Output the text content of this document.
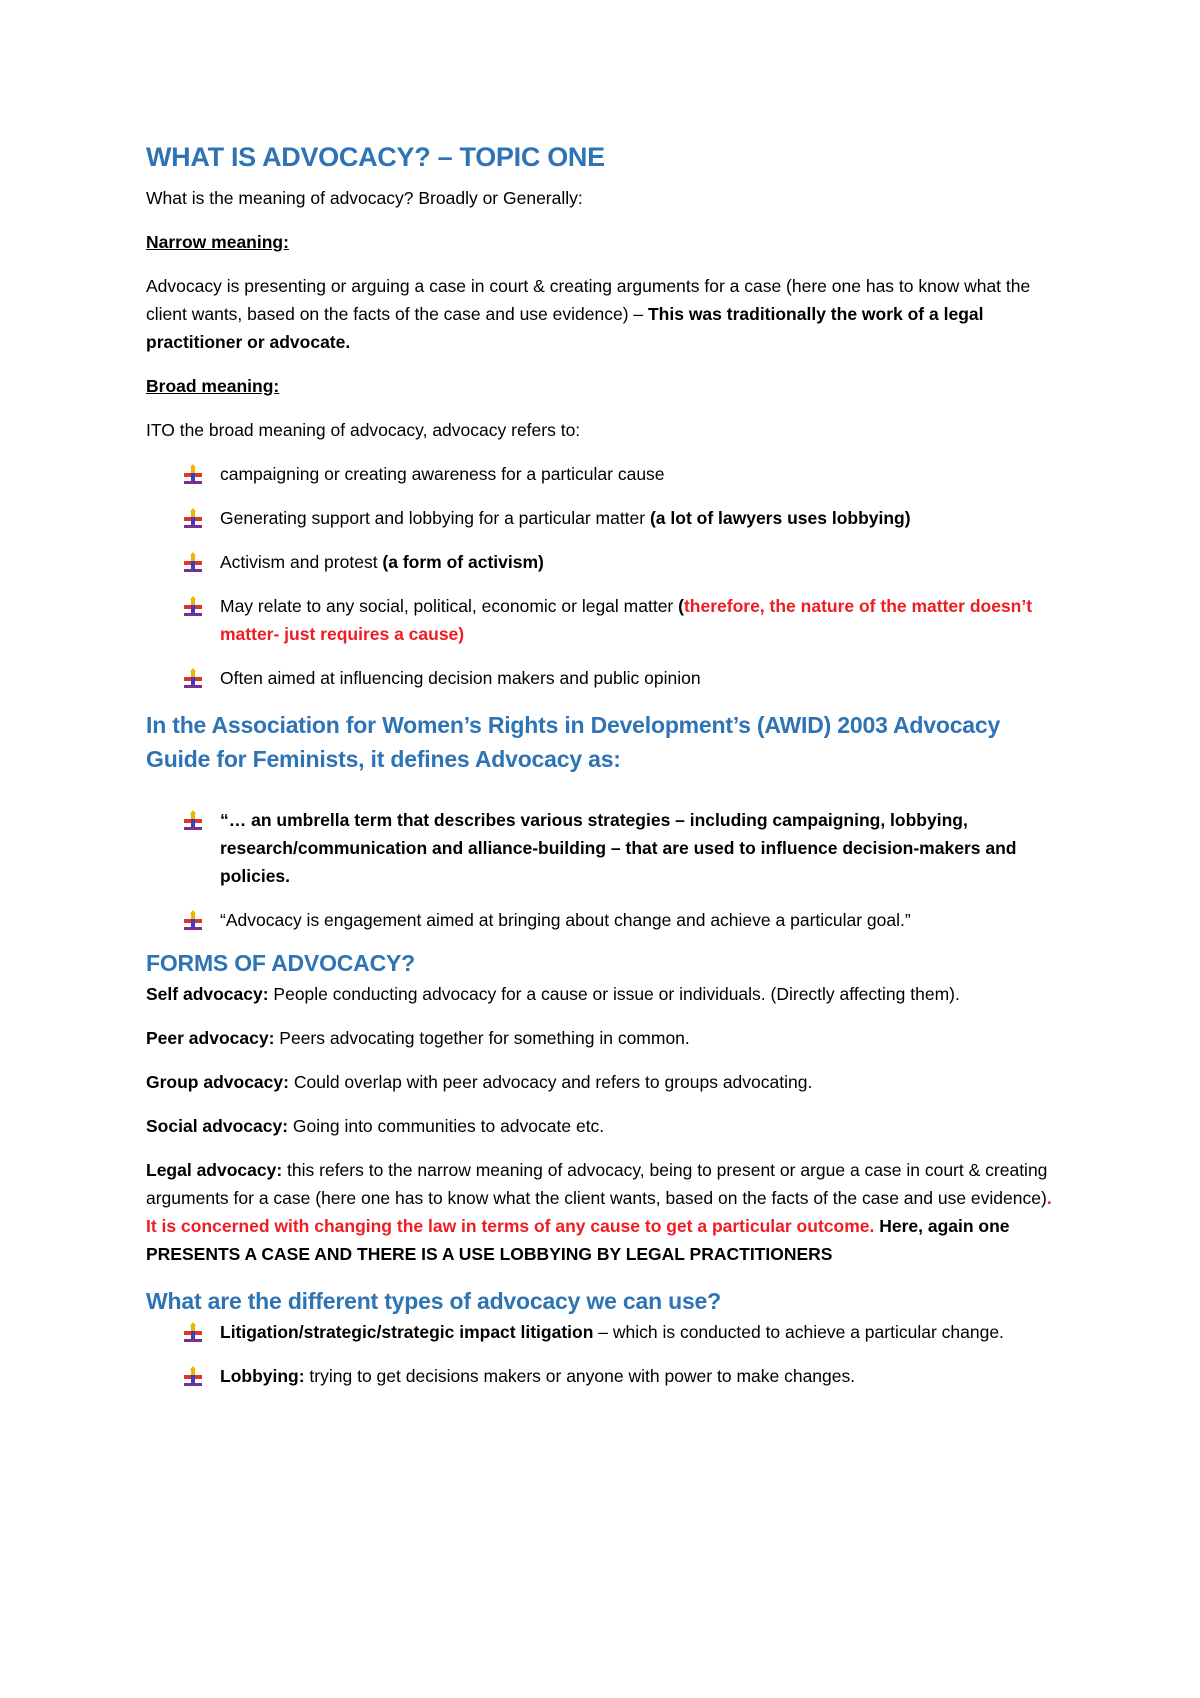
WHAT IS ADVOCACY? – TOPIC ONE

What is the meaning of advocacy? Broadly or Generally:

Narrow meaning:

Advocacy is presenting or arguing a case in court & creating arguments for a case (here one has to know what the client wants, based on the facts of the case and use evidence) – This was traditionally the work of a legal practitioner or advocate.

Broad meaning:

ITO the broad meaning of advocacy, advocacy refers to:

campaigning or creating awareness for a particular cause
Generating support and lobbying for a particular matter (a lot of lawyers uses lobbying)
Activism and protest (a form of activism)
May relate to any social, political, economic or legal matter (therefore, the nature of the matter doesn’t matter- just requires a cause)
Often aimed at influencing decision makers and public opinion
In the Association for Women’s Rights in Development’s (AWID) 2003 Advocacy Guide for Feminists, it defines Advocacy as:
“… an umbrella term that describes various strategies – including campaigning, lobbying, research/communication and alliance-building – that are used to influence decision-makers and policies.
“Advocacy is engagement aimed at bringing about change and achieve a particular goal.”
FORMS OF ADVOCACY?

Self advocacy: People conducting advocacy for a cause or issue or individuals. (Directly affecting them).

Peer advocacy: Peers advocating together for something in common.

Group advocacy: Could overlap with peer advocacy and refers to groups advocating.

Social advocacy: Going into communities to advocate etc.

Legal advocacy: this refers to the narrow meaning of advocacy, being to present or argue a case in court & creating arguments for a case (here one has to know what the client wants, based on the facts of the case and use evidence). It is concerned with changing the law in terms of any cause to get a particular outcome. Here, again one PRESENTS A CASE AND THERE IS A USE LOBBYING BY LEGAL PRACTITIONERS

What are the different types of advocacy we can use?
Litigation/strategic/strategic impact litigation – which is conducted to achieve a particular change.
Lobbying: trying to get decisions makers or anyone with power to make changes.
